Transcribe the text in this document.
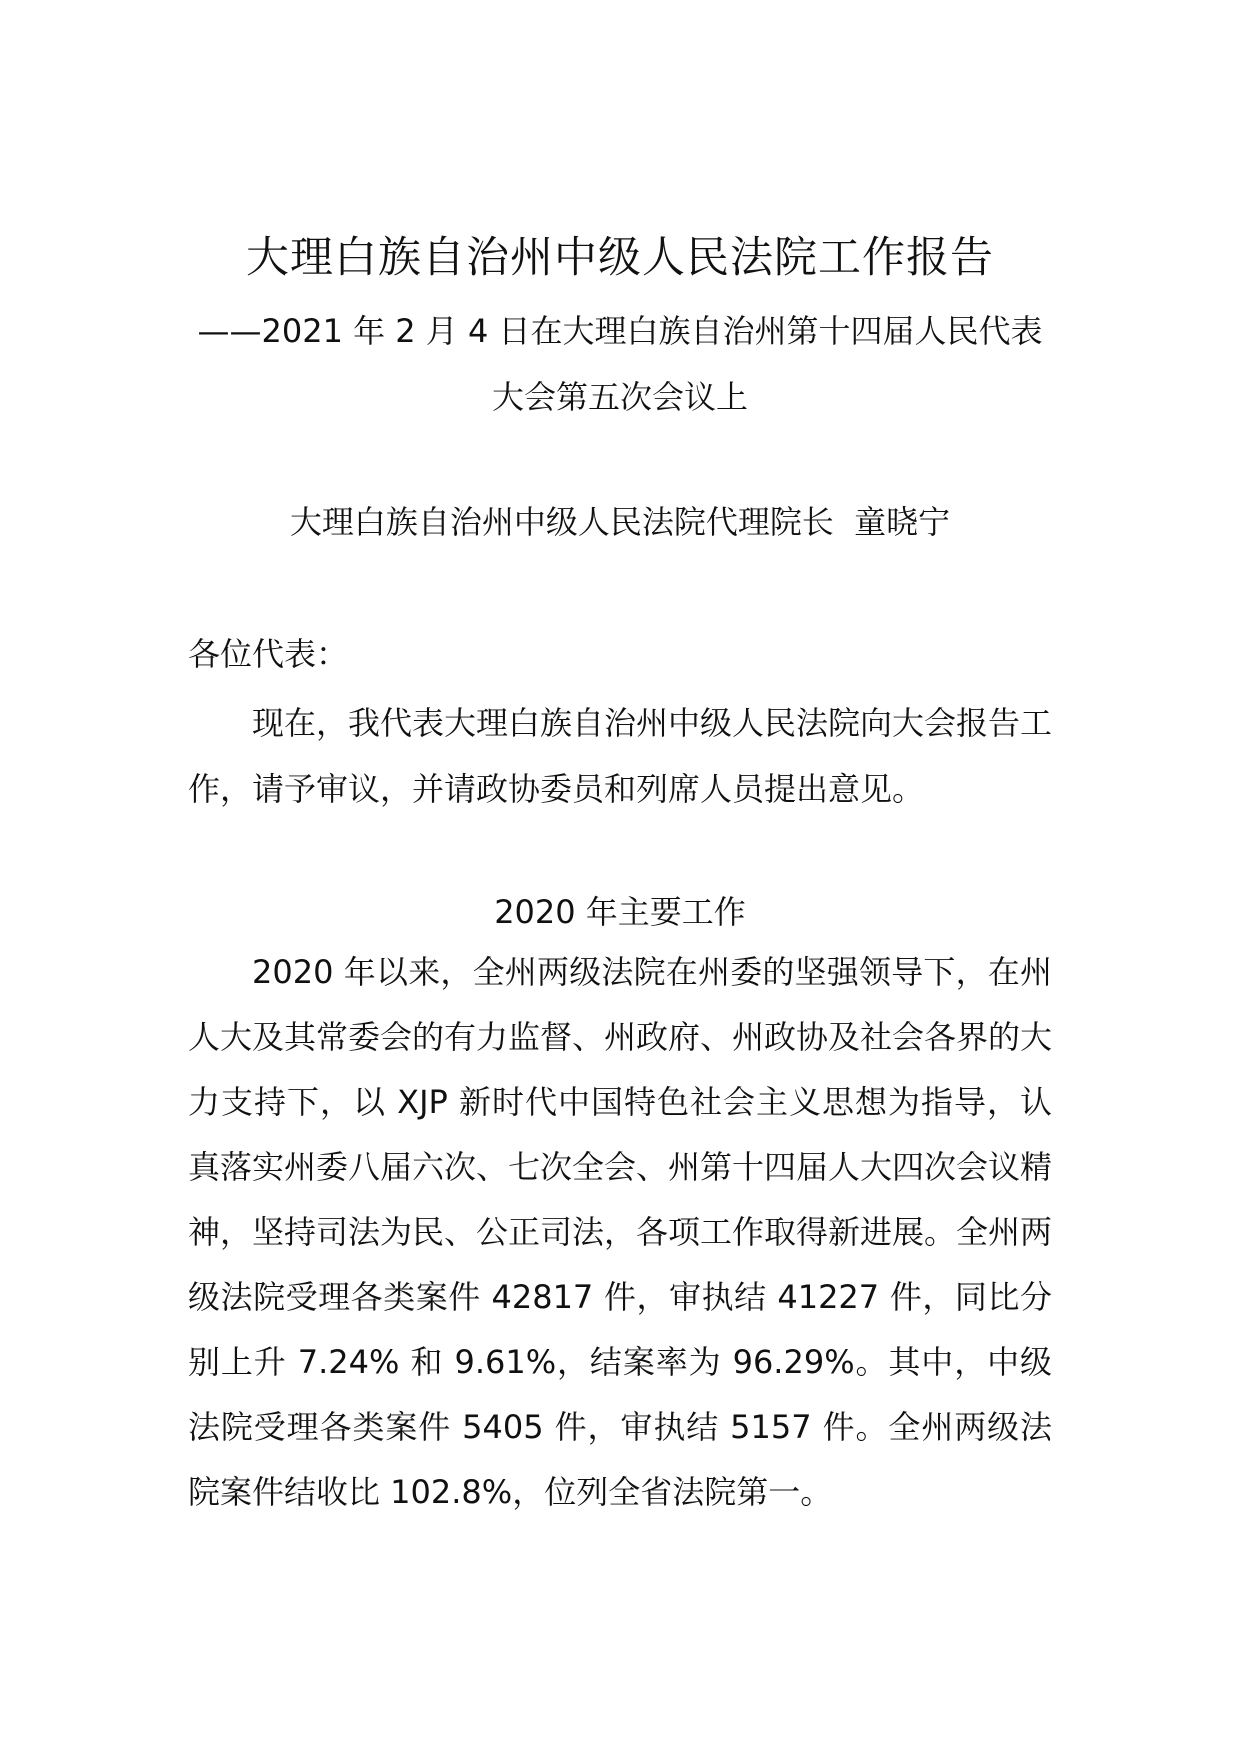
大理白族自治州中级人民法院工作报告
——2021 年 2 月 4 日在大理白族自治州第十四届人民代表
大会第五次会议上
大理白族自治州中级人民法院代理院长  童晓宁
各位代表：
现在，我代表大理白族自治州中级人民法院向大会报告工作，请予审议，并请政协委员和列席人员提出意见。
2020 年主要工作
2020 年以来，全州两级法院在州委的坚强领导下，在州人大及其常委会的有力监督、州政府、州政协及社会各界的大力支持下，以 XJP 新时代中国特色社会主义思想为指导，认真落实州委八届六次、七次全会、州第十四届人大四次会议精神，坚持司法为民、公正司法，各项工作取得新进展。全州两级法院受理各类案件 42817 件，审执结 41227 件，同比分别上升 7.24% 和 9.61%，结案率为 96.29%。其中，中级法院受理各类案件 5405 件，审执结 5157 件。全州两级法院案件结收比 102.8%，位列全省法院第一。
